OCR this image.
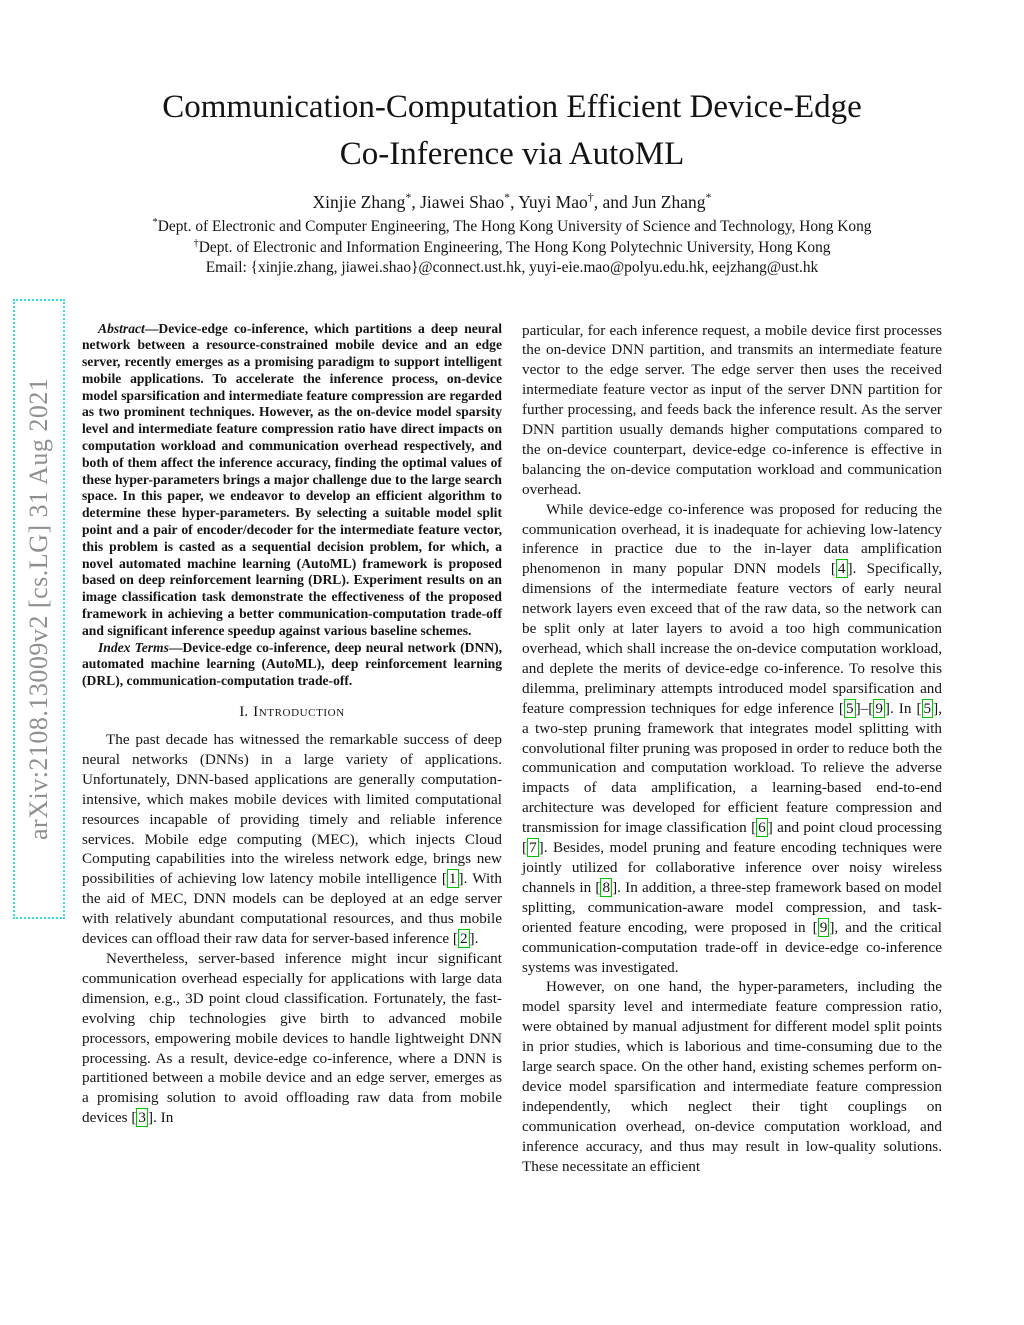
arXiv:2108.13009v2 [cs.LG] 31 Aug 2021
Communication-Computation Efficient Device-Edge
Co-Inference via AutoML
Xinjie Zhang*, Jiawei Shao*, Yuyi Mao†, and Jun Zhang*
*Dept. of Electronic and Computer Engineering, The Hong Kong University of Science and Technology, Hong Kong
†Dept. of Electronic and Information Engineering, The Hong Kong Polytechnic University, Hong Kong
Email: {xinjie.zhang, jiawei.shao}@connect.ust.hk, yuyi-eie.mao@polyu.edu.hk, eejzhang@ust.hk

Abstract—Device-edge co-inference, which partitions a deep neural network between a resource-constrained mobile device and an edge server, recently emerges as a promising paradigm to support intelligent mobile applications. To accelerate the inference process, on-device model sparsification and intermediate feature compression are regarded as two prominent techniques. However, as the on-device model sparsity level and intermediate feature compression ratio have direct impacts on computation workload and communication overhead respectively, and both of them affect the inference accuracy, finding the optimal values of these hyper-parameters brings a major challenge due to the large search space. In this paper, we endeavor to develop an efficient algorithm to determine these hyper-parameters. By selecting a suitable model split point and a pair of encoder/decoder for the intermediate feature vector, this problem is casted as a sequential decision problem, for which, a novel automated machine learning (AutoML) framework is proposed based on deep reinforcement learning (DRL). Experiment results on an image classification task demonstrate the effectiveness of the proposed framework in achieving a better communication-computation trade-off and significant inference speedup against various baseline schemes.

Index Terms—Device-edge co-inference, deep neural network (DNN), automated machine learning (AutoML), deep reinforcement learning (DRL), communication-computation trade-off.

I. Introduction

The past decade has witnessed the remarkable success of deep neural networks (DNNs) in a large variety of applications. Unfortunately, DNN-based applications are generally computation-intensive, which makes mobile devices with limited computational resources incapable of providing timely and reliable inference services. Mobile edge computing (MEC), which injects Cloud Computing capabilities into the wireless network edge, brings new possibilities of achieving low latency mobile intelligence [ 1 ]. With the aid of MEC, DNN models can be deployed at an edge server with relatively abundant computational resources, and thus mobile devices can offload their raw data for server-based inference [ 2 ].

Nevertheless, server-based inference might incur significant communication overhead especially for applications with large data dimension, e.g., 3D point cloud classification. Fortunately, the fast-evolving chip technologies give birth to advanced mobile processors, empowering mobile devices to handle lightweight DNN processing. As a result, device-edge co-inference, where a DNN is partitioned between a mobile device and an edge server, emerges as a promising solution to avoid offloading raw data from mobile devices [ 3 ]. In

particular, for each inference request, a mobile device first processes the on-device DNN partition, and transmits an intermediate feature vector to the edge server. The edge server then uses the received intermediate feature vector as input of the server DNN partition for further processing, and feeds back the inference result. As the server DNN partition usually demands higher computations compared to the on-device counterpart, device-edge co-inference is effective in balancing the on-device computation workload and communication overhead.

While device-edge co-inference was proposed for reducing the communication overhead, it is inadequate for achieving low-latency inference in practice due to the in-layer data amplification phenomenon in many popular DNN models [ 4 ]. Specifically, dimensions of the intermediate feature vectors of early neural network layers even exceed that of the raw data, so the network can be split only at later layers to avoid a too high communication overhead, which shall increase the on-device computation workload, and deplete the merits of device-edge co-inference. To resolve this dilemma, preliminary attempts introduced model sparsification and feature compression techniques for edge inference [ 5 ]–[ 9 ]. In [ 5 ], a two-step pruning framework that integrates model splitting with convolutional filter pruning was proposed in order to reduce both the communication and computation workload. To relieve the adverse impacts of data amplification, a learning-based end-to-end architecture was developed for efficient feature compression and transmission for image classification [ 6 ] and point cloud processing [ 7 ]. Besides, model pruning and feature encoding techniques were jointly utilized for collaborative inference over noisy wireless channels in [ 8 ]. In addition, a three-step framework based on model splitting, communication-aware model compression, and task-oriented feature encoding, were proposed in [ 9 ], and the critical communication-computation trade-off in device-edge co-inference systems was investigated.

However, on one hand, the hyper-parameters, including the model sparsity level and intermediate feature compression ratio, were obtained by manual adjustment for different model split points in prior studies, which is laborious and time-consuming due to the large search space. On the other hand, existing schemes perform on-device model sparsification and intermediate feature compression independently, which neglect their tight couplings on communication overhead, on-device computation workload, and inference accuracy, and thus may result in low-quality solutions. These necessitate an efficient
